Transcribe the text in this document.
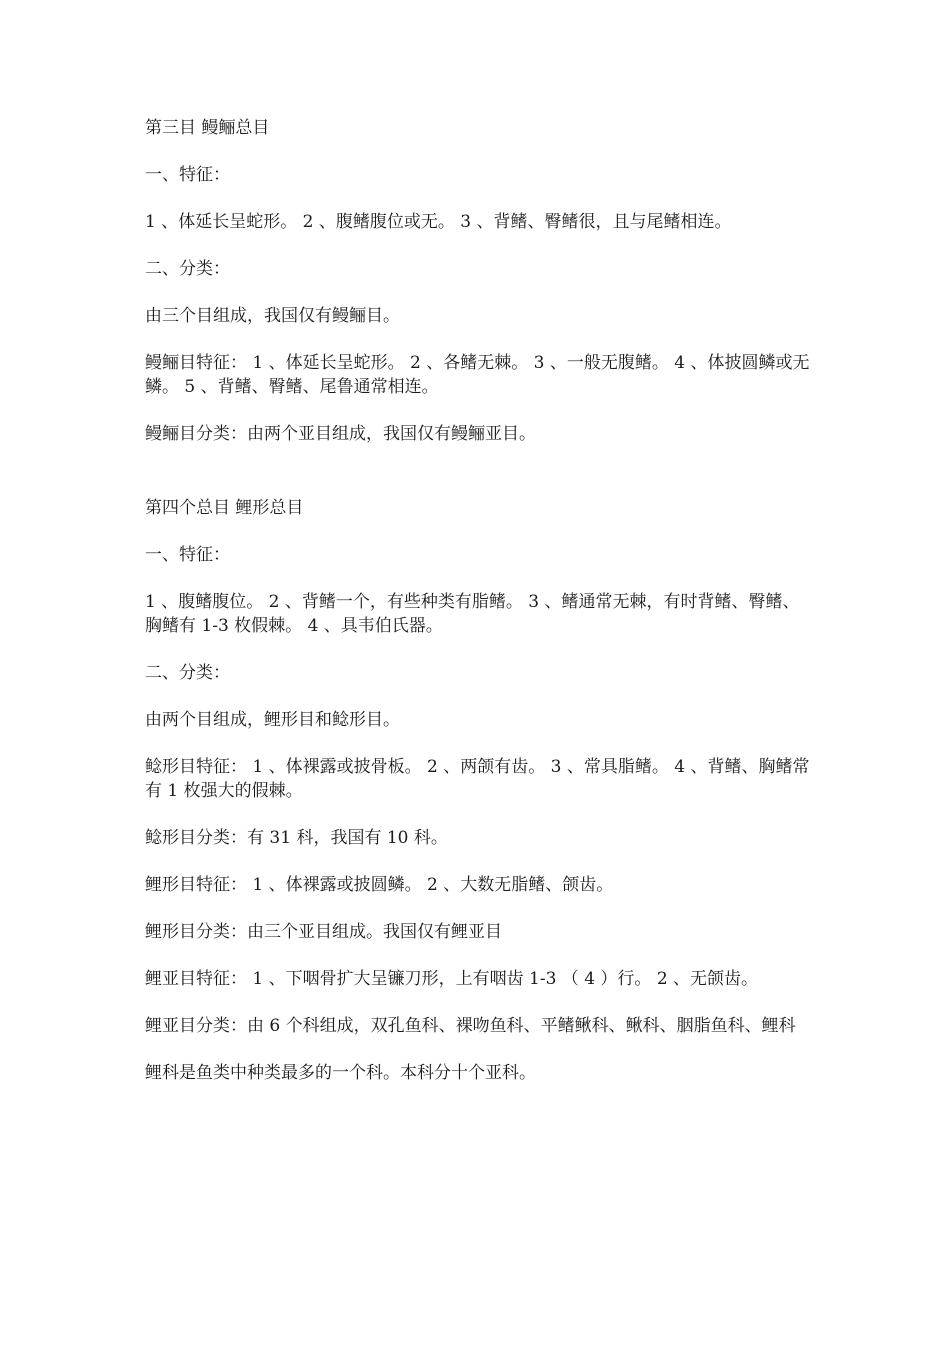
第三目 鳗鲡总目

一、特征：

1 、体延长呈蛇形。 2 、腹鳍腹位或无。 3 、背鳍、臀鳍很，且与尾鳍相连。

二、分类：

由三个目组成，我国仅有鳗鲡目。

鳗鲡目特征： 1 、体延长呈蛇形。 2 、各鳍无棘。 3 、一般无腹鳍。 4 、体披圆鳞或无鳞。 5 、背鳍、臀鳍、尾鲁通常相连。

鳗鲡目分类：由两个亚目组成，我国仅有鳗鲡亚目。

第四个总目 鲤形总目

一、特征：

1 、腹鳍腹位。 2 、背鳍一个，有些种类有脂鳍。 3 、鳍通常无棘，有时背鳍、臀鳍、胸鳍有 1-3 枚假棘。 4 、具韦伯氏器。

二、分类：

由两个目组成，鲤形目和鲶形目。

鲶形目特征： 1 、体裸露或披骨板。 2 、两颌有齿。 3 、常具脂鳍。 4 、背鳍、胸鳍常有 1 枚强大的假棘。

鲶形目分类：有 31 科，我国有 10 科。

鲤形目特征： 1 、体裸露或披圆鳞。 2 、大数无脂鳍、颌齿。

鲤形目分类：由三个亚目组成。我国仅有鲤亚目

鲤亚目特征： 1 、下咽骨扩大呈镰刀形，上有咽齿 1-3 （ 4 ）行。 2 、无颌齿。

鲤亚目分类：由 6 个科组成，双孔鱼科、裸吻鱼科、平鳍鳅科、鳅科、胭脂鱼科、鲤科

鲤科是鱼类中种类最多的一个科。本科分十个亚科。
